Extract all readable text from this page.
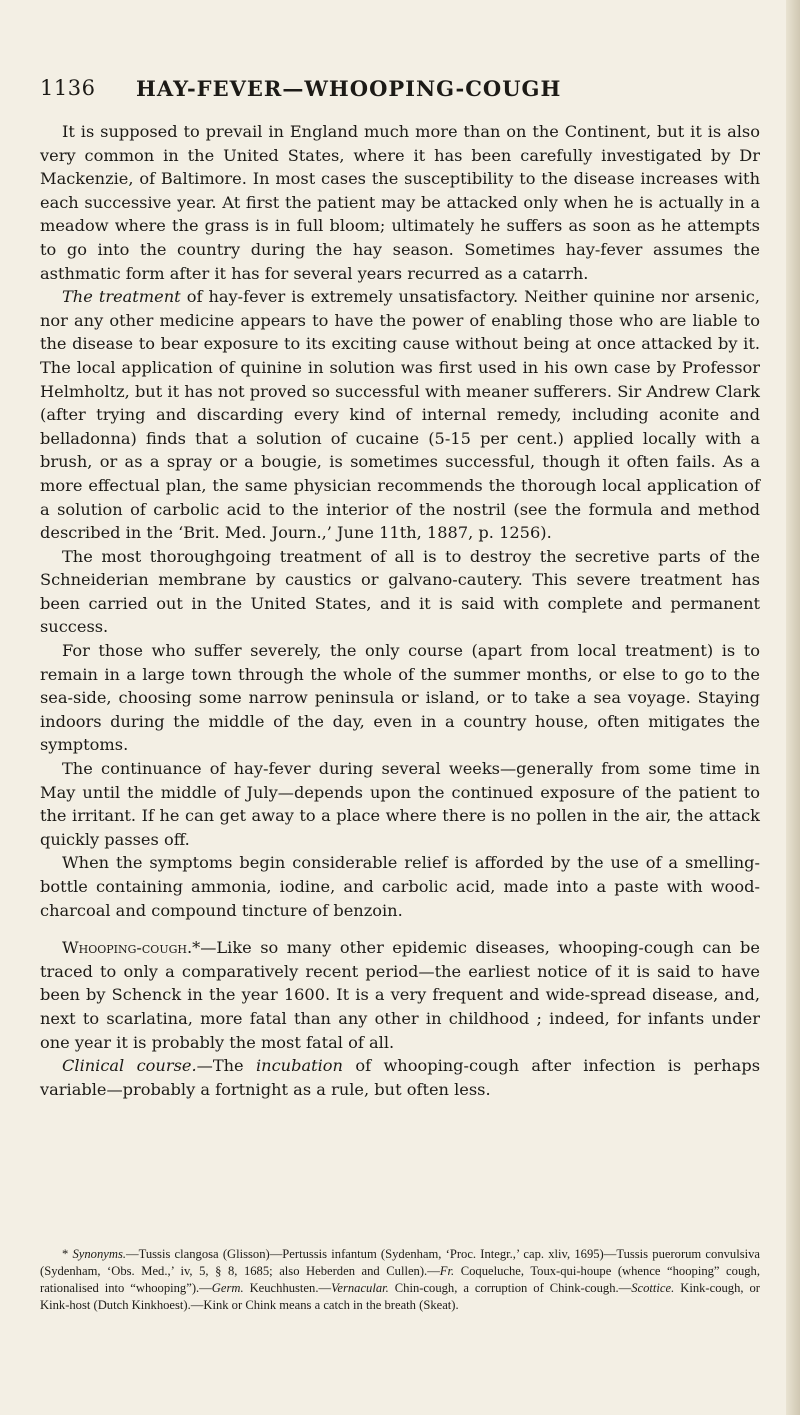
1136 HAY-FEVER—WHOOPING-COUGH

It is supposed to prevail in England much more than on the Continent, but it is also very common in the United States, where it has been carefully investigated by Dr Mackenzie, of Baltimore. In most cases the susceptibility to the disease increases with each successive year. At first the patient may be attacked only when he is actually in a meadow where the grass is in full bloom; ultimately he suffers as soon as he attempts to go into the country during the hay season. Sometimes hay-fever assumes the asthmatic form after it has for several years recurred as a catarrh.

The treatment of hay-fever is extremely unsatisfactory. Neither quinine nor arsenic, nor any other medicine appears to have the power of enabling those who are liable to the disease to bear exposure to its exciting cause without being at once attacked by it. The local application of quinine in solution was first used in his own case by Professor Helmholtz, but it has not proved so successful with meaner sufferers. Sir Andrew Clark (after trying and discarding every kind of internal remedy, including aconite and belladonna) finds that a solution of cucaine (5-15 per cent.) applied locally with a brush, or as a spray or a bougie, is sometimes successful, though it often fails. As a more effectual plan, the same physician recommends the thorough local application of a solution of carbolic acid to the interior of the nostril (see the formula and method described in the ‘Brit. Med. Journ.,’ June 11th, 1887, p. 1256).

The most thoroughgoing treatment of all is to destroy the secretive parts of the Schneiderian membrane by caustics or galvano-cautery. This severe treatment has been carried out in the United States, and it is said with complete and permanent success.

For those who suffer severely, the only course (apart from local treatment) is to remain in a large town through the whole of the summer months, or else to go to the sea-side, choosing some narrow peninsula or island, or to take a sea voyage. Staying indoors during the middle of the day, even in a country house, often mitigates the symptoms.

The continuance of hay-fever during several weeks—generally from some time in May until the middle of July—depends upon the continued exposure of the patient to the irritant. If he can get away to a place where there is no pollen in the air, the attack quickly passes off.

When the symptoms begin considerable relief is afforded by the use of a smelling-bottle containing ammonia, iodine, and carbolic acid, made into a paste with wood-charcoal and compound tincture of benzoin.

Whooping-cough.*—Like so many other epidemic diseases, whooping-cough can be traced to only a comparatively recent period—the earliest notice of it is said to have been by Schenck in the year 1600. It is a very frequent and wide-spread disease, and, next to scarlatina, more fatal than any other in childhood ; indeed, for infants under one year it is probably the most fatal of all.

Clinical course.—The incubation of whooping-cough after infection is perhaps variable—probably a fortnight as a rule, but often less.

* Synonyms.—Tussis clangosa (Glisson)—Pertussis infantum (Sydenham, ‘Proc. Integr.,’ cap. xliv, 1695)—Tussis puerorum convulsiva (Sydenham, ‘Obs. Med.,’ iv, 5, § 8, 1685; also Heberden and Cullen).—Fr. Coqueluche, Toux-qui-houpe (whence “hooping” cough, rationalised into “whooping”).—Germ. Keuchhusten.—Vernacular. Chin-cough, a corruption of Chink-cough.—Scottice. Kink-cough, or Kink-host (Dutch Kinkhoest).—Kink or Chink means a catch in the breath (Skeat).
